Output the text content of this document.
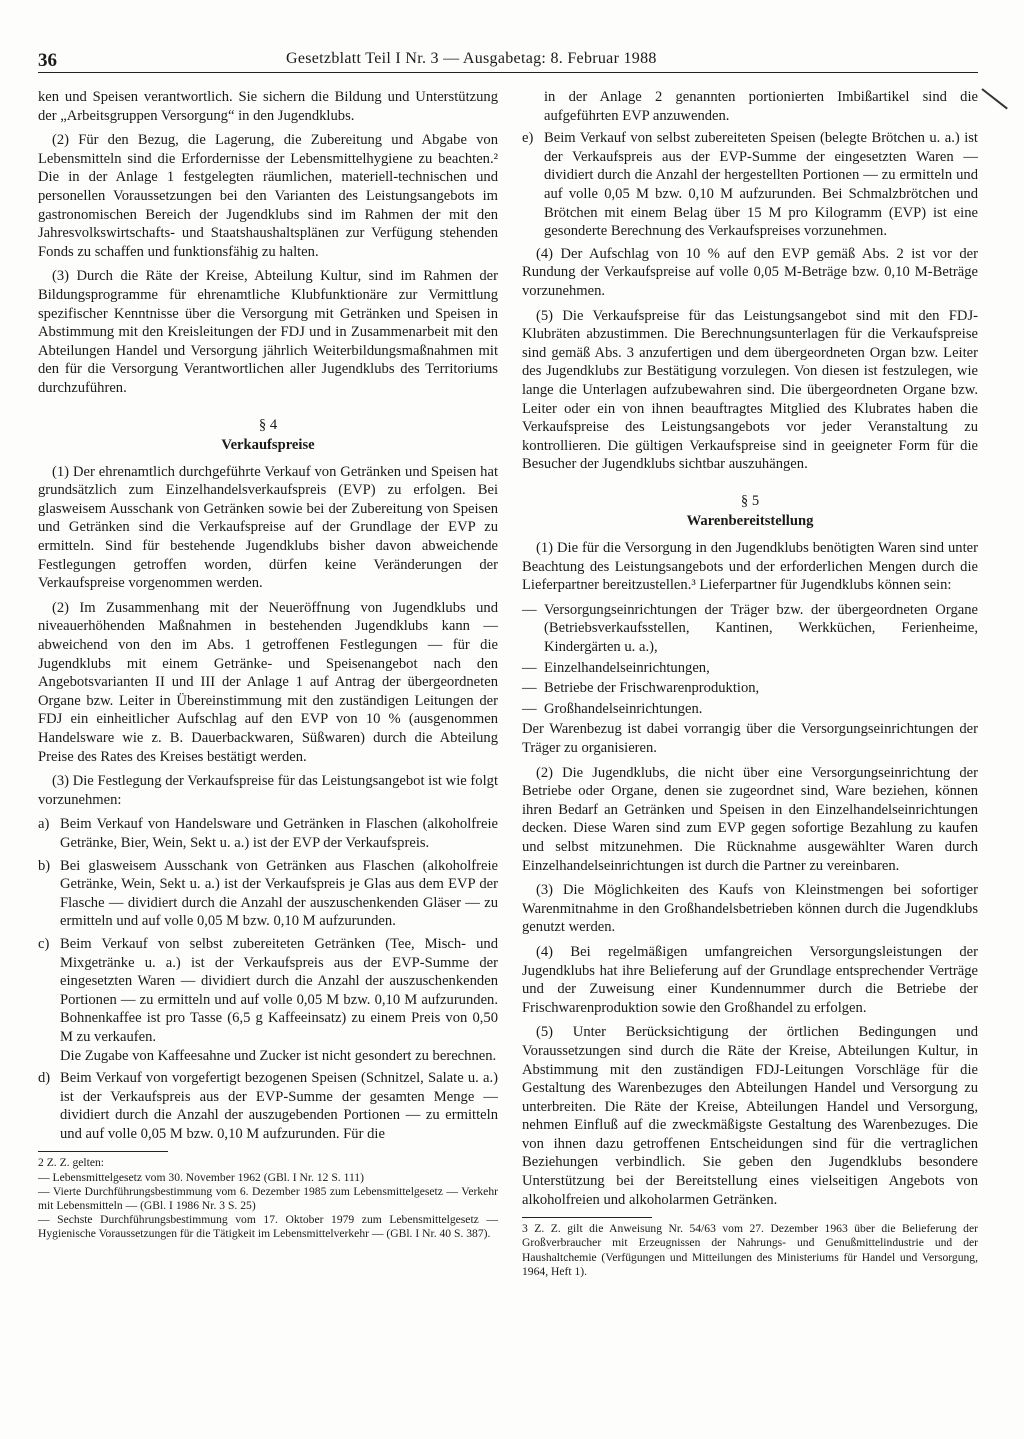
36	Gesetzblatt Teil I Nr. 3 — Ausgabetag: 8. Februar 1988

ken und Speisen verantwortlich. Sie sichern die Bildung und Unterstützung der „Arbeitsgruppen Versorgung“ in den Jugendklubs.

(2) Für den Bezug, die Lagerung, die Zubereitung und Abgabe von Lebensmitteln sind die Erfordernisse der Lebensmittelhygiene zu beachten.² Die in der Anlage 1 festgelegten räumlichen, materiell-technischen und personellen Voraussetzungen bei den Varianten des Leistungsangebots im gastronomischen Bereich der Jugendklubs sind im Rahmen der mit den Jahresvolkswirtschafts- und Staatshaushaltsplänen zur Verfügung stehenden Fonds zu schaffen und funktionsfähig zu halten.

(3) Durch die Räte der Kreise, Abteilung Kultur, sind im Rahmen der Bildungsprogramme für ehrenamtliche Klubfunktionäre zur Vermittlung spezifischer Kenntnisse über die Versorgung mit Getränken und Speisen in Abstimmung mit den Kreisleitungen der FDJ und in Zusammenarbeit mit den Abteilungen Handel und Versorgung jährlich Weiterbildungsmaßnahmen mit den für die Versorgung Verantwortlichen aller Jugendklubs des Territoriums durchzuführen.

§ 4
Verkaufspreise

(1) Der ehrenamtlich durchgeführte Verkauf von Getränken und Speisen hat grundsätzlich zum Einzelhandelsverkaufspreis (EVP) zu erfolgen. Bei glasweisem Ausschank von Getränken sowie bei der Zubereitung von Speisen und Getränken sind die Verkaufspreise auf der Grundlage der EVP zu ermitteln. Sind für bestehende Jugendklubs bisher davon abweichende Festlegungen getroffen worden, dürfen keine Veränderungen der Verkaufspreise vorgenommen werden.

(2) Im Zusammenhang mit der Neueröffnung von Jugendklubs und niveauerhöhenden Maßnahmen in bestehenden Jugendklubs kann — abweichend von den im Abs. 1 getroffenen Festlegungen — für die Jugendklubs mit einem Getränke- und Speisenangebot nach den Angebotsvarianten II und III der Anlage 1 auf Antrag der übergeordneten Organe bzw. Leiter in Übereinstimmung mit den zuständigen Leitungen der FDJ ein einheitlicher Aufschlag auf den EVP von 10 % (ausgenommen Handelsware wie z. B. Dauerbackwaren, Süßwaren) durch die Abteilung Preise des Rates des Kreises bestätigt werden.

(3) Die Festlegung der Verkaufspreise für das Leistungsangebot ist wie folgt vorzunehmen:

a) Beim Verkauf von Handelsware und Getränken in Flaschen (alkoholfreie Getränke, Bier, Wein, Sekt u. a.) ist der EVP der Verkaufspreis.
b) Bei glasweisem Ausschank von Getränken aus Flaschen (alkoholfreie Getränke, Wein, Sekt u. a.) ist der Verkaufspreis je Glas aus dem EVP der Flasche — dividiert durch die Anzahl der auszuschenkenden Gläser — zu ermitteln und auf volle 0,05 M bzw. 0,10 M aufzurunden.
c) Beim Verkauf von selbst zubereiteten Getränken (Tee, Misch- und Mixgetränke u. a.) ist der Verkaufspreis aus der EVP-Summe der eingesetzten Waren — dividiert durch die Anzahl der auszuschenkenden Portionen — zu ermitteln und auf volle 0,05 M bzw. 0,10 M aufzurunden. Bohnenkaffee ist pro Tasse (6,5 g Kaffeeinsatz) zu einem Preis von 0,50 M zu verkaufen.
Die Zugabe von Kaffeesahne und Zucker ist nicht gesondert zu berechnen.
d) Beim Verkauf von vorgefertigt bezogenen Speisen (Schnitzel, Salate u. a.) ist der Verkaufspreis aus der EVP-Summe der gesamten Menge — dividiert durch die Anzahl der auszugebenden Portionen — zu ermitteln und auf volle 0,05 M bzw. 0,10 M aufzurunden. Für die
2 Z. Z. gelten:
— Lebensmittelgesetz vom 30. November 1962 (GBl. I Nr. 12 S. 111)
— Vierte Durchführungsbestimmung vom 6. Dezember 1985 zum Lebensmittelgesetz — Verkehr mit Lebensmitteln — (GBl. I 1986 Nr. 3 S. 25)
— Sechste Durchführungsbestimmung vom 17. Oktober 1979 zum Lebensmittelgesetz — Hygienische Voraussetzungen für die Tätigkeit im Lebensmittelverkehr — (GBl. I Nr. 40 S. 387).
in der Anlage 2 genannten portionierten Imbißartikel sind die aufgeführten EVP anzuwenden.
e) Beim Verkauf von selbst zubereiteten Speisen (belegte Brötchen u. a.) ist der Verkaufspreis aus der EVP-Summe der eingesetzten Waren — dividiert durch die Anzahl der hergestellten Portionen — zu ermitteln und auf volle 0,05 M bzw. 0,10 M aufzurunden. Bei Schmalzbrötchen und Brötchen mit einem Belag über 15 M pro Kilogramm (EVP) ist eine gesonderte Berechnung des Verkaufspreises vorzunehmen.

(4) Der Aufschlag von 10 % auf den EVP gemäß Abs. 2 ist vor der Rundung der Verkaufspreise auf volle 0,05 M-Beträge bzw. 0,10 M-Beträge vorzunehmen.

(5) Die Verkaufspreise für das Leistungsangebot sind mit den FDJ-Klubräten abzustimmen. Die Berechnungsunterlagen für die Verkaufspreise sind gemäß Abs. 3 anzufertigen und dem übergeordneten Organ bzw. Leiter des Jugendklubs zur Bestätigung vorzulegen. Von diesen ist festzulegen, wie lange die Unterlagen aufzubewahren sind. Die übergeordneten Organe bzw. Leiter oder ein von ihnen beauftragtes Mitglied des Klubrates haben die Verkaufspreise des Leistungsangebots vor jeder Veranstaltung zu kontrollieren. Die gültigen Verkaufspreise sind in geeigneter Form für die Besucher der Jugendklubs sichtbar auszuhängen.

§ 5
Warenbereitstellung

(1) Die für die Versorgung in den Jugendklubs benötigten Waren sind unter Beachtung des Leistungsangebots und der erforderlichen Mengen durch die Lieferpartner bereitzustellen.³ Lieferpartner für Jugendklubs können sein:

— Versorgungseinrichtungen der Träger bzw. der übergeordneten Organe (Betriebsverkaufsstellen, Kantinen, Werkküchen, Ferienheime, Kindergärten u. a.),
— Einzelhandelseinrichtungen,
— Betriebe der Frischwarenproduktion,
— Großhandelseinrichtungen.

Der Warenbezug ist dabei vorrangig über die Versorgungseinrichtungen der Träger zu organisieren.

(2) Die Jugendklubs, die nicht über eine Versorgungseinrichtung der Betriebe oder Organe, denen sie zugeordnet sind, Ware beziehen, können ihren Bedarf an Getränken und Speisen in den Einzelhandelseinrichtungen decken. Diese Waren sind zum EVP gegen sofortige Bezahlung zu kaufen und selbst mitzunehmen. Die Rücknahme ausgewählter Waren durch Einzelhandelseinrichtungen ist durch die Partner zu vereinbaren.

(3) Die Möglichkeiten des Kaufs von Kleinstmengen bei sofortiger Warenmitnahme in den Großhandelsbetrieben können durch die Jugendklubs genutzt werden.

(4) Bei regelmäßigen umfangreichen Versorgungsleistungen der Jugendklubs hat ihre Belieferung auf der Grundlage entsprechender Verträge und der Zuweisung einer Kundennummer durch die Betriebe der Frischwarenproduktion sowie den Großhandel zu erfolgen.

(5) Unter Berücksichtigung der örtlichen Bedingungen und Voraussetzungen sind durch die Räte der Kreise, Abteilungen Kultur, in Abstimmung mit den zuständigen FDJ-Leitungen Vorschläge für die Gestaltung des Warenbezuges den Abteilungen Handel und Versorgung zu unterbreiten. Die Räte der Kreise, Abteilungen Handel und Versorgung, nehmen Einfluß auf die zweckmäßigste Gestaltung des Warenbezuges. Die von ihnen dazu getroffenen Entscheidungen sind für die vertraglichen Beziehungen verbindlich. Sie geben den Jugendklubs besondere Unterstützung bei der Bereitstellung eines vielseitigen Angebots von alkoholfreien und alkoholarmen Getränken.

3 Z. Z. gilt die Anweisung Nr. 54/63 vom 27. Dezember 1963 über die Belieferung der Großverbraucher mit Erzeugnissen der Nahrungs- und Genußmittelindustrie und der Haushaltchemie (Verfügungen und Mitteilungen des Ministeriums für Handel und Versorgung, 1964, Heft 1).
